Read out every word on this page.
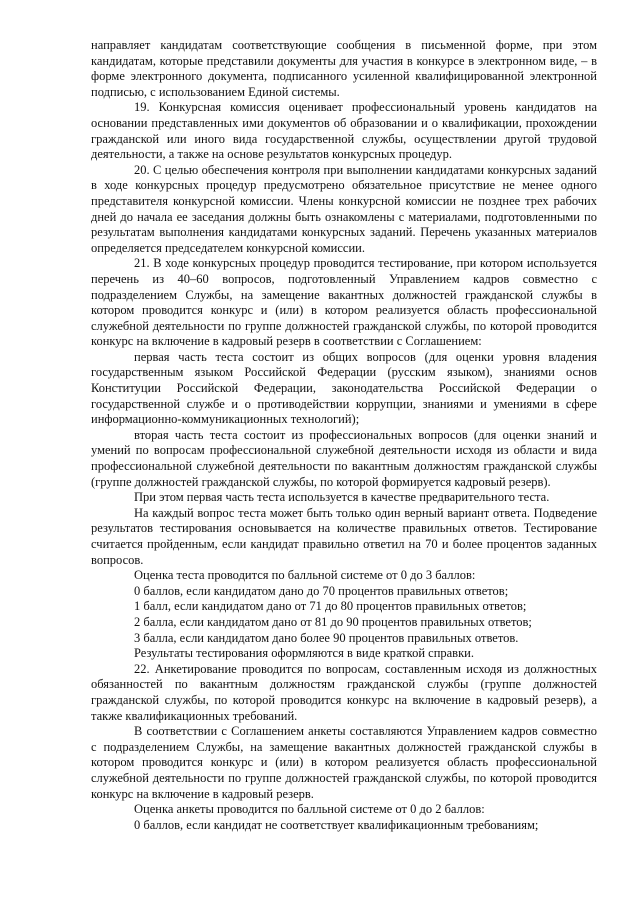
направляет кандидатам соответствующие сообщения в письменной форме, при этом кандидатам, которые представили документы для участия в конкурсе в электронном виде, – в форме электронного документа, подписанного усиленной квалифицированной электронной подписью, с использованием Единой системы.

19. Конкурсная комиссия оценивает профессиональный уровень кандидатов на основании представленных ими документов об образовании и о квалификации, прохождении гражданской или иного вида государственной службы, осуществлении другой трудовой деятельности, а также на основе результатов конкурсных процедур.

20. С целью обеспечения контроля при выполнении кандидатами конкурсных заданий в ходе конкурсных процедур предусмотрено обязательное присутствие не менее одного представителя конкурсной комиссии. Члены конкурсной комиссии не позднее трех рабочих дней до начала ее заседания должны быть ознакомлены с материалами, подготовленными по результатам выполнения кандидатами конкурсных заданий. Перечень указанных материалов определяется председателем конкурсной комиссии.

21. В ходе конкурсных процедур проводится тестирование, при котором используется перечень из 40–60 вопросов, подготовленный Управлением кадров совместно с подразделением Службы, на замещение вакантных должностей гражданской службы в котором проводится конкурс и (или) в котором реализуется область профессиональной служебной деятельности по группе должностей гражданской службы, по которой проводится конкурс на включение в кадровый резерв в соответствии с Соглашением:

первая часть теста состоит из общих вопросов (для оценки уровня владения государственным языком Российской Федерации (русским языком), знаниями основ Конституции Российской Федерации, законодательства Российской Федерации о государственной службе и о противодействии коррупции, знаниями и умениями в сфере информационно-коммуникационных технологий);

вторая часть теста состоит из профессиональных вопросов (для оценки знаний и умений по вопросам профессиональной служебной деятельности исходя из области и вида профессиональной служебной деятельности по вакантным должностям гражданской службы (группе должностей гражданской службы, по которой формируется кадровый резерв).

При этом первая часть теста используется в качестве предварительного теста.

На каждый вопрос теста может быть только один верный вариант ответа. Подведение результатов тестирования основывается на количестве правильных ответов. Тестирование считается пройденным, если кандидат правильно ответил на 70 и более процентов заданных вопросов.

Оценка теста проводится по балльной системе от 0 до 3 баллов:

0 баллов, если кандидатом дано до 70 процентов правильных ответов;

1 балл, если кандидатом дано от 71 до 80 процентов правильных ответов;

2 балла, если кандидатом дано от 81 до 90 процентов правильных ответов;

3 балла, если кандидатом дано более 90 процентов правильных ответов.

Результаты тестирования оформляются в виде краткой справки.

22. Анкетирование проводится по вопросам, составленным исходя из должностных обязанностей по вакантным должностям гражданской службы (группе должностей гражданской службы, по которой проводится конкурс на включение в кадровый резерв), а также квалификационных требований.

В соответствии с Соглашением анкеты составляются Управлением кадров совместно с подразделением Службы, на замещение вакантных должностей гражданской службы в котором проводится конкурс и (или) в котором реализуется область профессиональной служебной деятельности по группе должностей гражданской службы, по которой проводится конкурс на включение в кадровый резерв.

Оценка анкеты проводится по балльной системе от 0 до 2 баллов:

0 баллов, если кандидат не соответствует квалификационным требованиям;
